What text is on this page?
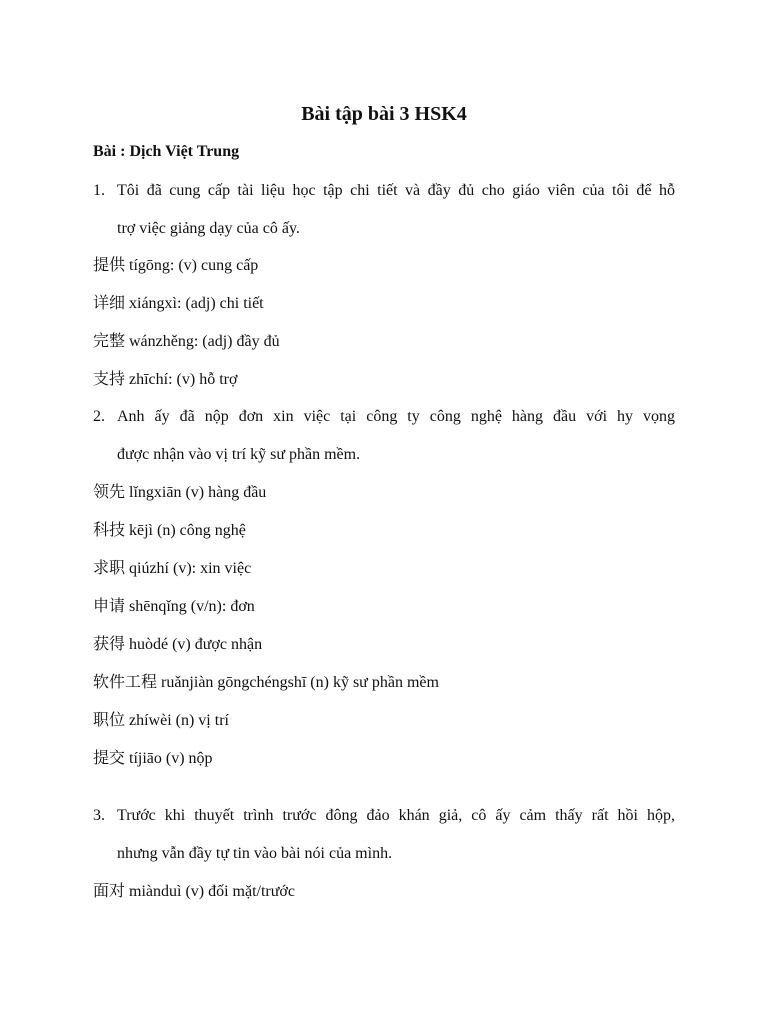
Bài tập bài 3 HSK4
Bài : Dịch Việt Trung
1. Tôi đã cung cấp tài liệu học tập chi tiết và đầy đủ cho giáo viên của tôi để hỗ
trợ việc giảng dạy của cô ấy.
提供 tígōng: (v) cung cấp
详细 xiángxì: (adj) chi tiết
完整 wánzhěng: (adj) đầy đủ
支持 zhīchí: (v) hỗ trợ
2. Anh ấy đã nộp đơn xin việc tại công ty công nghệ hàng đầu với hy vọng
được nhận vào vị trí kỹ sư phần mềm.
领先 lǐngxiān (v) hàng đầu
科技 kējì (n) công nghệ
求职 qiúzhí (v): xin việc
申请 shēnqǐng (v/n): đơn
获得 huòdé (v) được nhận
软件工程 ruǎnjiàn gōngchéngshī (n) kỹ sư phần mềm
职位 zhíwèi (n) vị trí
提交 tíjiāo (v) nộp
3. Trước khi thuyết trình trước đông đảo khán giả, cô ấy cảm thấy rất hồi hộp,
nhưng vẫn đầy tự tin vào bài nói của mình.
面对 miànduì (v) đối mặt/trước
